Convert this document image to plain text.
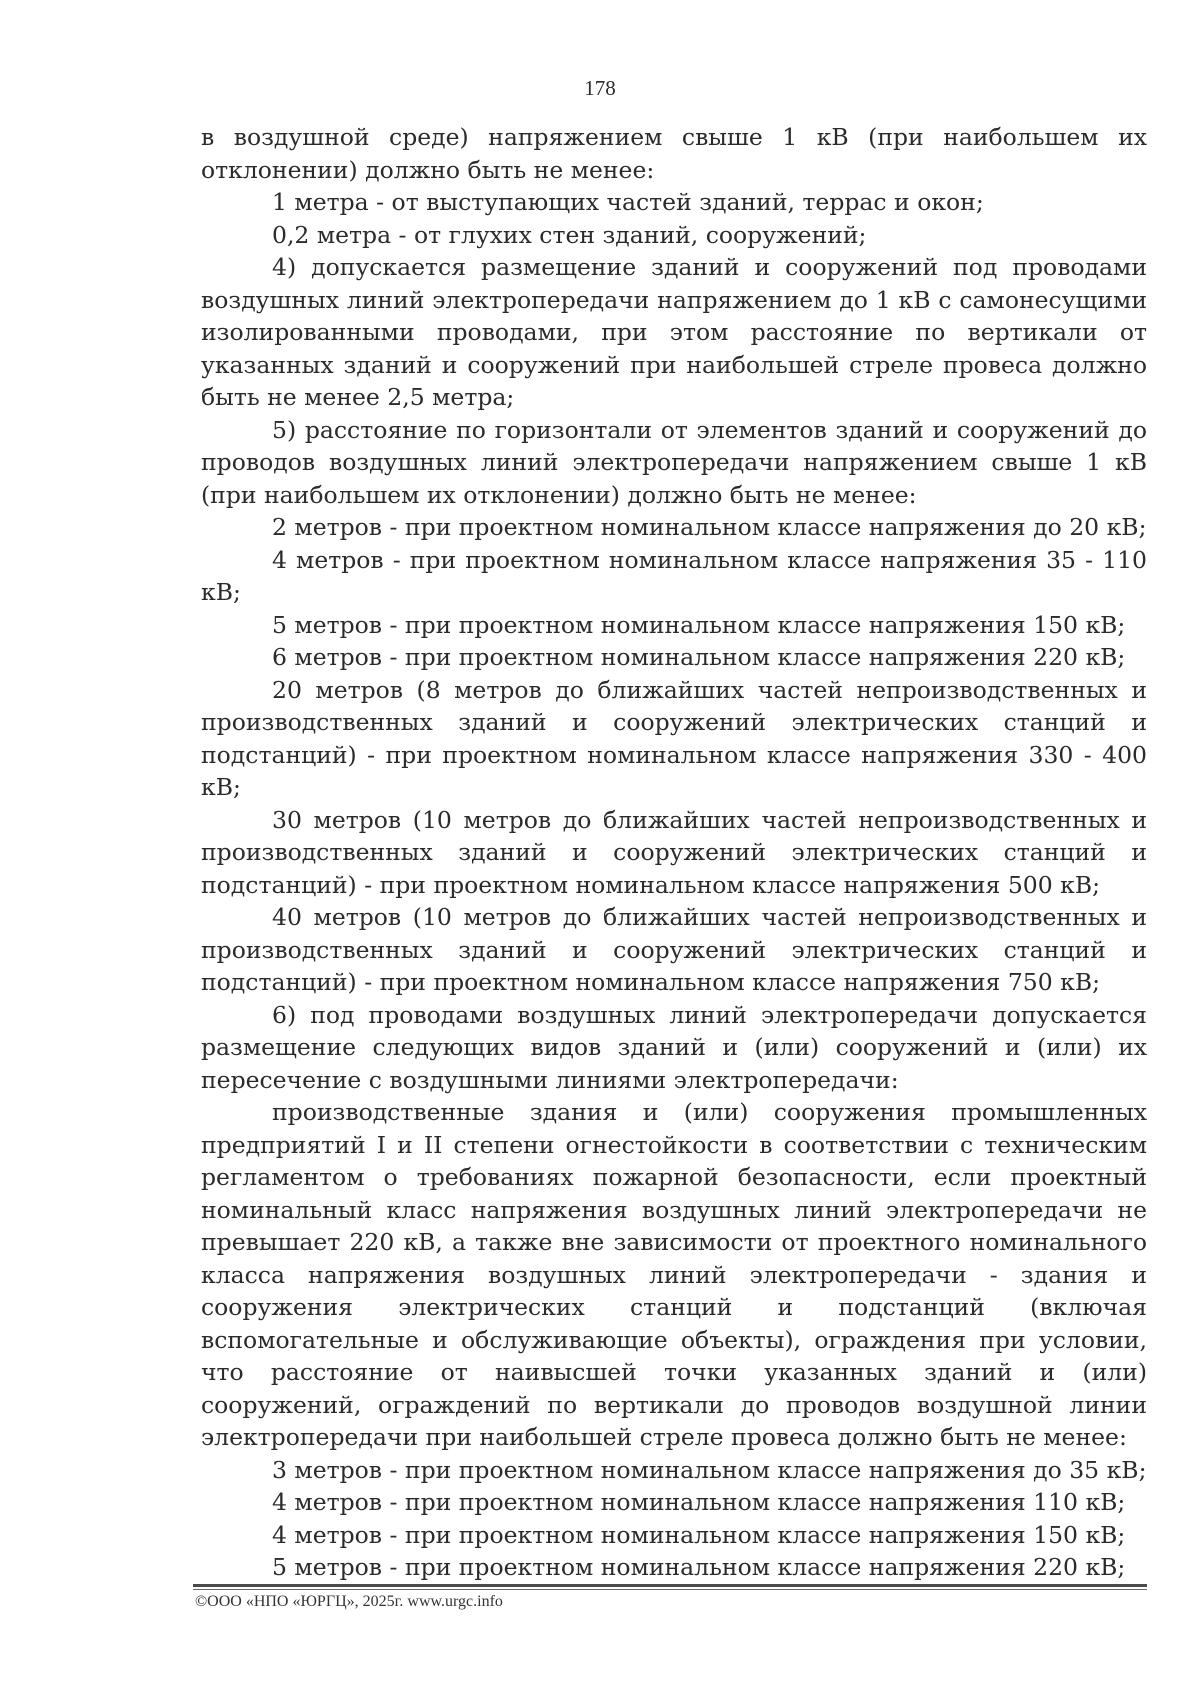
178

в воздушной среде) напряжением свыше 1 кВ (при наибольшем их отклонении) должно быть не менее:

1 метра - от выступающих частей зданий, террас и окон;

0,2 метра - от глухих стен зданий, сооружений;

4) допускается размещение зданий и сооружений под проводами воздушных линий электропередачи напряжением до 1 кВ с самонесущими изолированными проводами, при этом расстояние по вертикали от указанных зданий и сооружений при наибольшей стреле провеса должно быть не менее 2,5 метра;

5) расстояние по горизонтали от элементов зданий и сооружений до проводов воздушных линий электропередачи напряжением свыше 1 кВ (при наибольшем их отклонении) должно быть не менее:

2 метров - при проектном номинальном классе напряжения до 20 кВ;

4 метров - при проектном номинальном классе напряжения 35 - 110 кВ;

5 метров - при проектном номинальном классе напряжения 150 кВ;

6 метров - при проектном номинальном классе напряжения 220 кВ;

20 метров (8 метров до ближайших частей непроизводственных и производственных зданий и сооружений электрических станций и подстанций) - при проектном номинальном классе напряжения 330 - 400 кВ;

30 метров (10 метров до ближайших частей непроизводственных и производственных зданий и сооружений электрических станций и подстанций) - при проектном номинальном классе напряжения 500 кВ;

40 метров (10 метров до ближайших частей непроизводственных и производственных зданий и сооружений электрических станций и подстанций) - при проектном номинальном классе напряжения 750 кВ;

6) под проводами воздушных линий электропередачи допускается размещение следующих видов зданий и (или) сооружений и (или) их пересечение с воздушными линиями электропередачи:

производственные здания и (или) сооружения промышленных предприятий I и II степени огнестойкости в соответствии с техническим регламентом о требованиях пожарной безопасности, если проектный номинальный класс напряжения воздушных линий электропередачи не превышает 220 кВ, а также вне зависимости от проектного номинального класса напряжения воздушных линий электропередачи - здания и сооружения электрических станций и подстанций (включая вспомогательные и обслуживающие объекты), ограждения при условии, что расстояние от наивысшей точки указанных зданий и (или) сооружений, ограждений по вертикали до проводов воздушной линии электропередачи при наибольшей стреле провеса должно быть не менее:

3 метров - при проектном номинальном классе напряжения до 35 кВ;

4 метров - при проектном номинальном классе напряжения 110 кВ;

4 метров - при проектном номинальном классе напряжения 150 кВ;

5 метров - при проектном номинальном классе напряжения 220 кВ;

©ООО «НПО «ЮРГЦ», 2025г. www.urgc.info
